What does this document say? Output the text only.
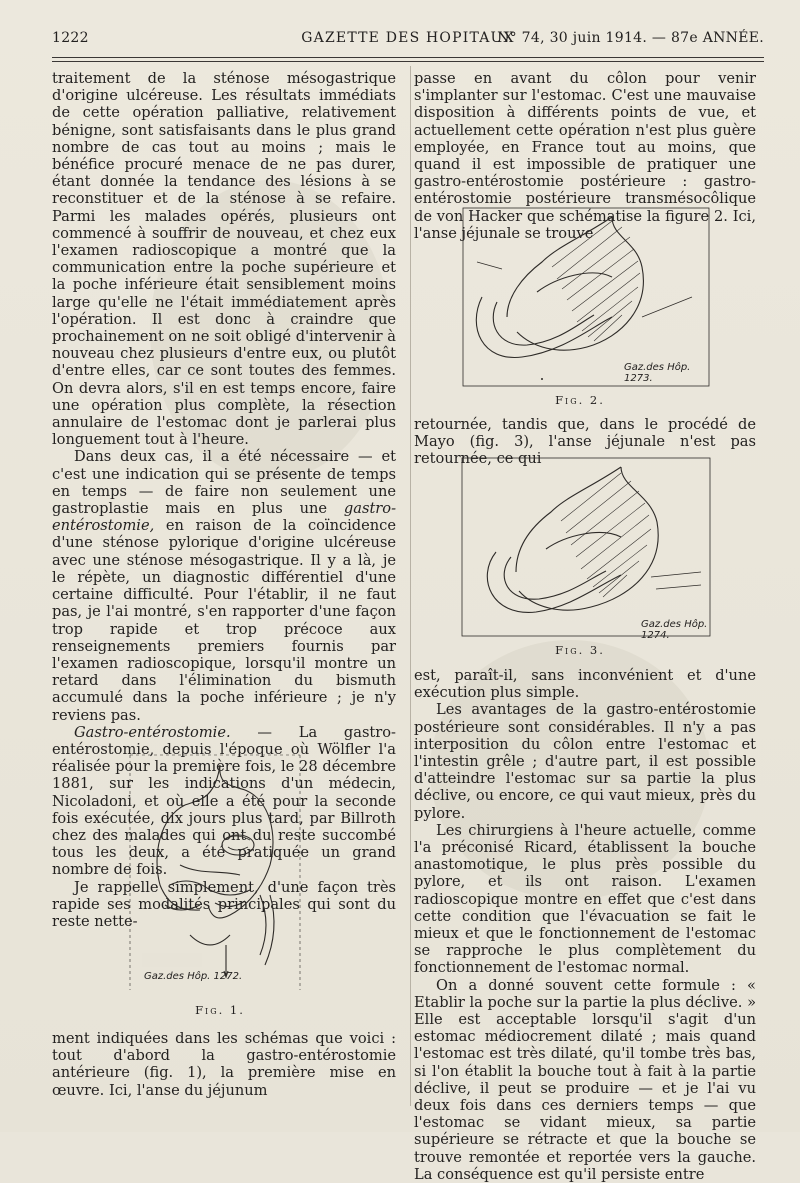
1222	GAZETTE DES HOPITAUX
N° 74, 30 juin 1914. — 87e ANNÉE.

traitement de la sténose mésogastrique d'origine ulcéreuse. Les résultats immédiats de cette opération palliative, relativement bénigne, sont satisfaisants dans le plus grand nombre de cas tout au moins ; mais le bénéfice procuré menace de ne pas durer, étant donnée la tendance des lésions à se reconstituer et de la sténose à se refaire. Parmi les malades opérés, plusieurs ont commencé à souffrir de nouveau, et chez eux l'examen radioscopique a montré que la communication entre la poche supérieure et la poche inférieure était sensiblement moins large qu'elle ne l'était immédiatement après l'opération. Il est donc à craindre que prochainement on ne soit obligé d'intervenir à nouveau chez plusieurs d'entre eux, ou plutôt d'entre elles, car ce sont toutes des femmes. On devra alors, s'il en est temps encore, faire une opération plus complète, la résection annulaire de l'estomac dont je parlerai plus longuement tout à l'heure.

Dans deux cas, il a été nécessaire — et c'est une indication qui se présente de temps en temps — de faire non seulement une gastroplastie mais en plus une gastro-entérostomie, en raison de la coïncidence d'une sténose pylorique d'origine ulcéreuse avec une sténose mésogastrique. Il y a là, je le répète, un diagnostic différentiel d'une certaine difficulté. Pour l'établir, il ne faut pas, je l'ai montré, s'en rapporter d'une façon trop rapide et trop précoce aux renseignements premiers fournis par l'examen radioscopique, lorsqu'il montre un retard dans l'élimination du bismuth accumulé dans la poche inférieure ; je n'y reviens pas.

Gastro-entérostomie. — La gastro-entérostomie, depuis l'époque où Wölfler l'a réalisée pour la première fois, le 28 décembre 1881, sur les indications d'un médecin, Nicoladoni, et où elle a été pour la seconde fois exécutée, dix jours plus tard, par Billroth chez des malades qui ont du reste succombé tous les deux, a été pratiquée un grand nombre de fois.

Je rappelle simplement, d'une façon très rapide ses modalités principales qui sont du reste nette-

Gaz.des Hôp. 1272.
Fig. 1.

ment indiquées dans les schémas que voici : tout d'abord la gastro-entérostomie antérieure (fig. 1), la première mise en œuvre. Ici, l'anse du jéjunum

passe en avant du côlon pour venir s'implanter sur l'estomac. C'est une mauvaise disposition à différents points de vue, et actuellement cette opération n'est plus guère employée, en France tout au moins, que quand il est impossible de pratiquer une gastro-entérostomie postérieure : gastro-entérostomie postérieure transmésocôlique de von Hacker que schématise la figure 2. Ici, l'anse jéjunale se trouve

Gaz.des Hôp. 1273.
Fig. 2.

retournée, tandis que, dans le procédé de Mayo (fig. 3), l'anse jéjunale n'est pas retournée, ce qui

Gaz.des Hôp. 1274.
Fig. 3.

est, paraît-il, sans inconvénient et d'une exécution plus simple.

Les avantages de la gastro-entérostomie postérieure sont considérables. Il n'y a pas interposition du côlon entre l'estomac et l'intestin grêle ; d'autre part, il est possible d'atteindre l'estomac sur sa partie la plus déclive, ou encore, ce qui vaut mieux, près du pylore.

Les chirurgiens à l'heure actuelle, comme l'a préconisé Ricard, établissent la bouche anastomotique, le plus près possible du pylore, et ils ont raison. L'examen radioscopique montre en effet que c'est dans cette condition que l'évacuation se fait le mieux et que le fonctionnement de l'estomac se rapproche le plus complètement du fonctionnement de l'estomac normal.

On a donné souvent cette formule : « Etablir la poche sur la partie la plus déclive. » Elle est acceptable lorsqu'il s'agit d'un estomac médiocrement dilaté ; mais quand l'estomac est très dilaté, qu'il tombe très bas, si l'on établit la bouche tout à fait à la partie déclive, il peut se produire — et je l'ai vu deux fois dans ces derniers temps — que l'estomac se vidant mieux, sa partie supérieure se rétracte et que la bouche se trouve remontée et reportée vers la gauche. La conséquence est qu'il persiste entre
